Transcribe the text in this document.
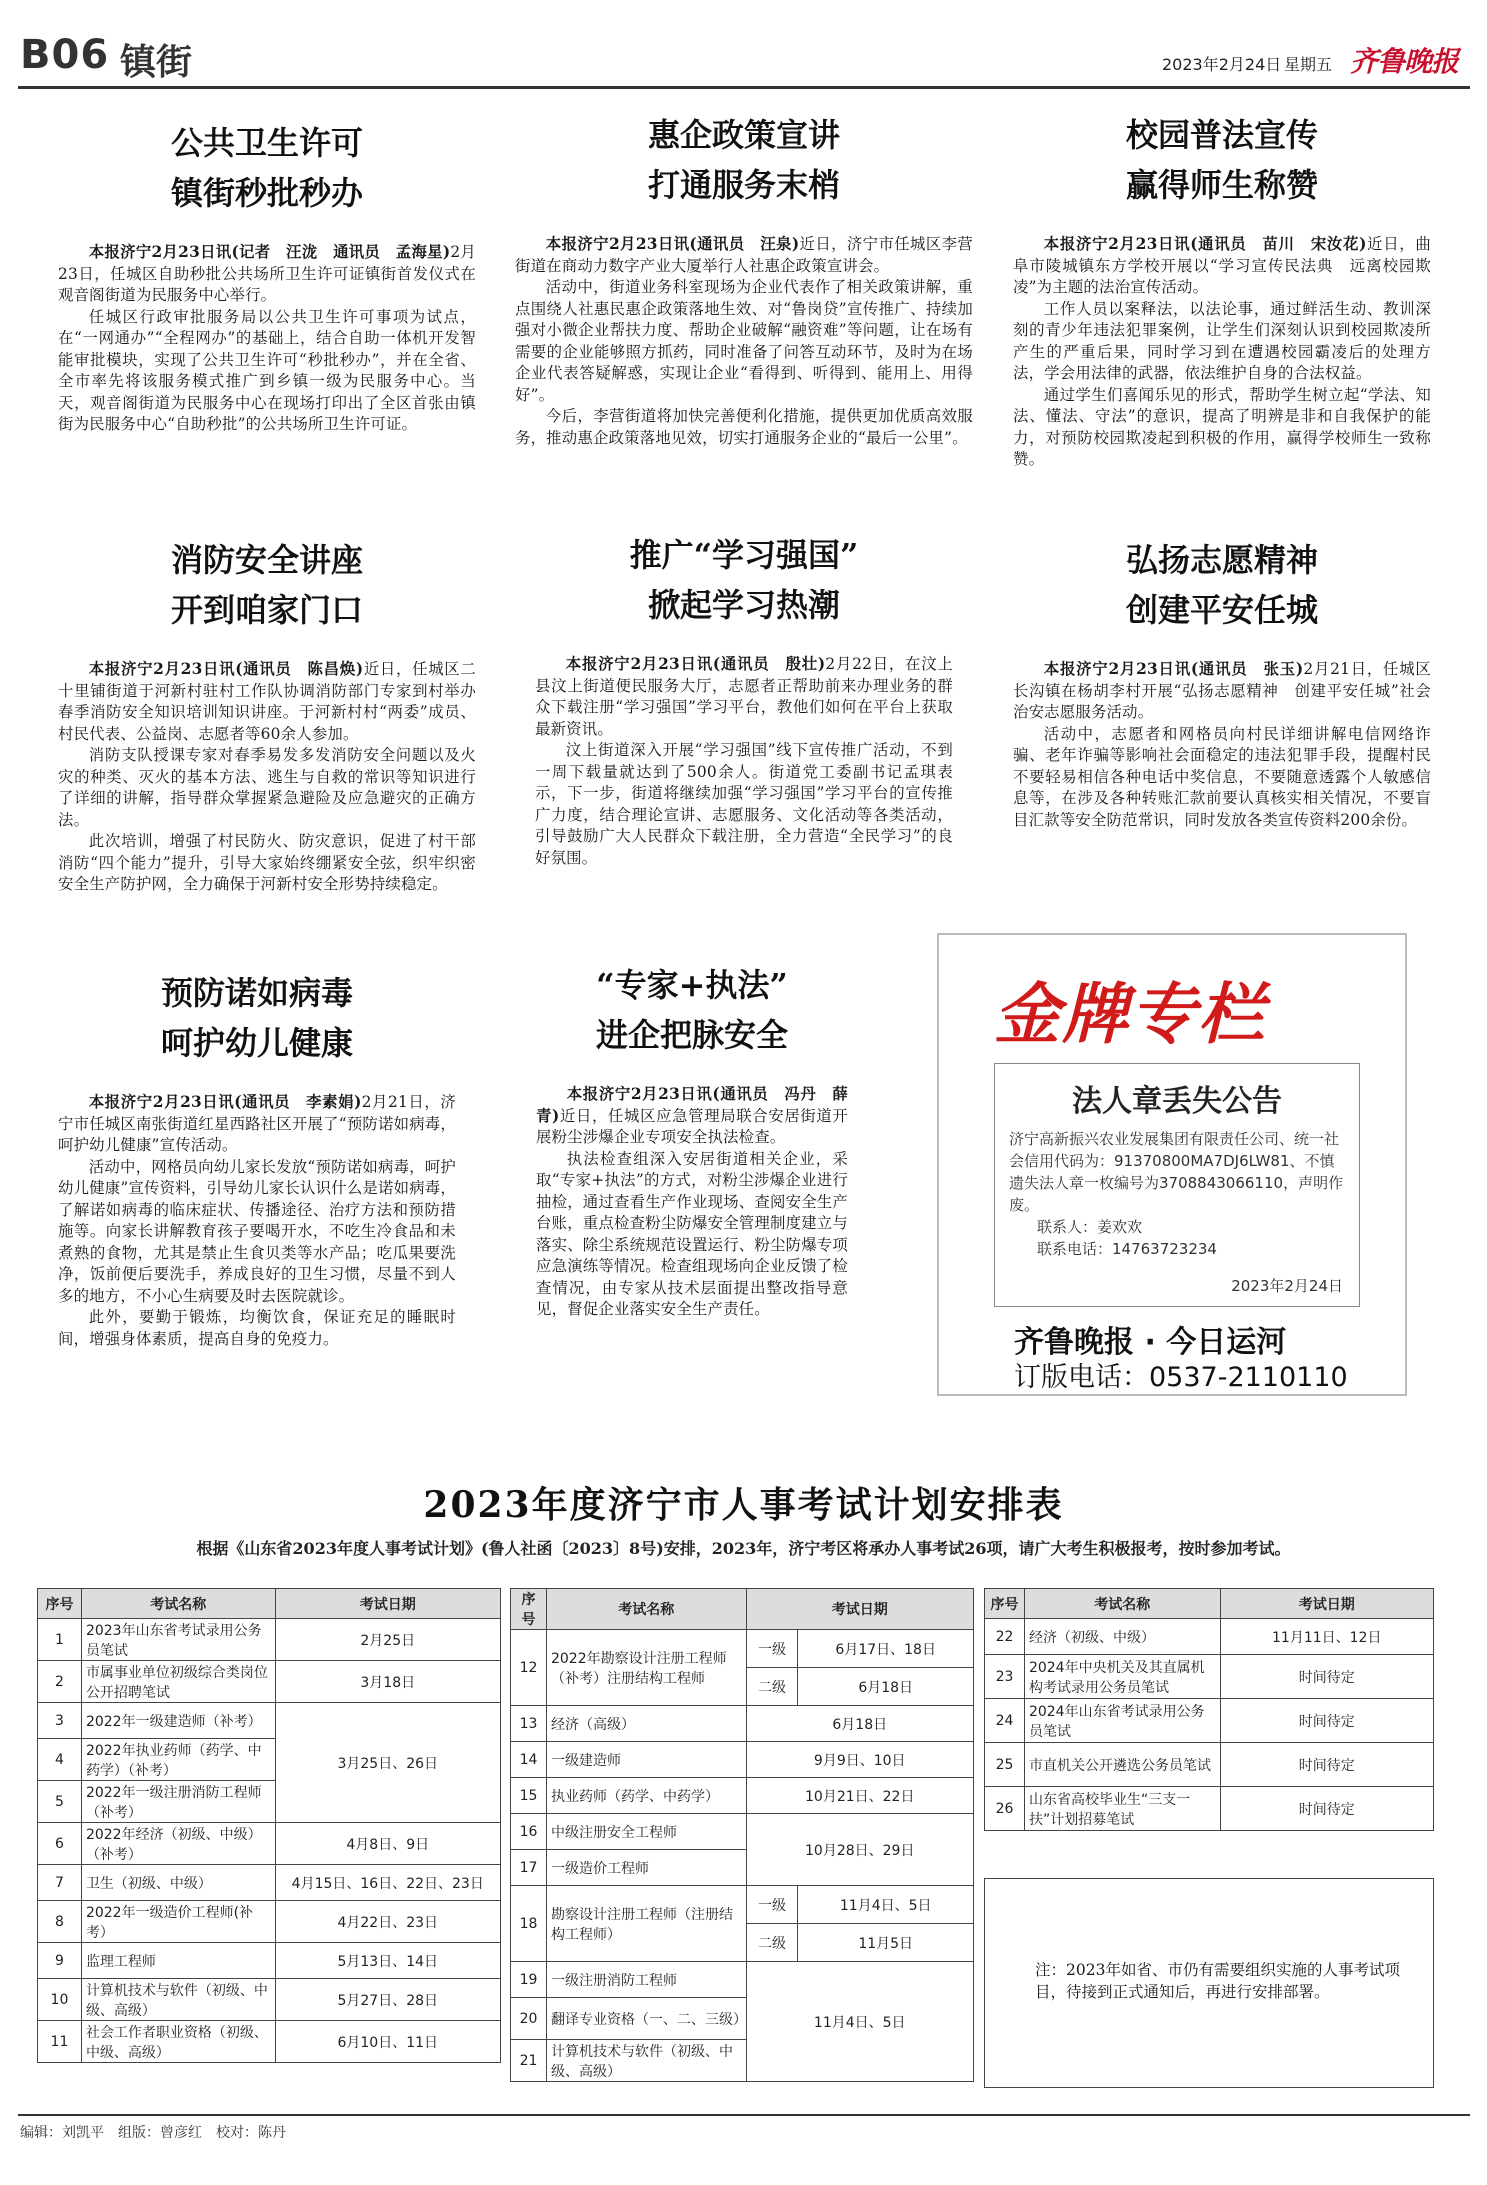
B06 镇街	2023年2月24日 星期五 齐鲁晚报
公共卫生许可
镇街秒批秒办

本报济宁2月23日讯(记者　汪泷　通讯员　孟海星)2月23日，任城区自助秒批公共场所卫生许可证镇街首发仪式在观音阁街道为民服务中心举行。

任城区行政审批服务局以公共卫生许可事项为试点，在“一网通办”“全程网办”的基础上，结合自助一体机开发智能审批模块，实现了公共卫生许可“秒批秒办”，并在全省、全市率先将该服务模式推广到乡镇一级为民服务中心。当天，观音阁街道为民服务中心在现场打印出了全区首张由镇街为民服务中心“自助秒批”的公共场所卫生许可证。

惠企政策宣讲
打通服务末梢

本报济宁2月23日讯(通讯员　汪泉)近日，济宁市任城区李营街道在商动力数字产业大厦举行人社惠企政策宣讲会。

活动中，街道业务科室现场为企业代表作了相关政策讲解，重点围绕人社惠民惠企政策落地生效、对“鲁岗贷”宣传推广、持续加强对小微企业帮扶力度、帮助企业破解“融资难”等问题，让在场有需要的企业能够照方抓药，同时准备了问答互动环节，及时为在场企业代表答疑解惑，实现让企业“看得到、听得到、能用上、用得好”。

今后，李营街道将加快完善便利化措施，提供更加优质高效服务，推动惠企政策落地见效，切实打通服务企业的“最后一公里”。

校园普法宣传
赢得师生称赞

本报济宁2月23日讯(通讯员　苗川　宋汝花)近日，曲阜市陵城镇东方学校开展以“学习宣传民法典　远离校园欺凌”为主题的法治宣传活动。

工作人员以案释法，以法论事，通过鲜活生动、教训深刻的青少年违法犯罪案例，让学生们深刻认识到校园欺凌所产生的严重后果，同时学习到在遭遇校园霸凌后的处理方法，学会用法律的武器，依法维护自身的合法权益。

通过学生们喜闻乐见的形式，帮助学生树立起“学法、知法、懂法、守法”的意识，提高了明辨是非和自我保护的能力，对预防校园欺凌起到积极的作用，赢得学校师生一致称赞。

消防安全讲座
开到咱家门口

本报济宁2月23日讯(通讯员　陈昌焕)近日，任城区二十里铺街道于河新村驻村工作队协调消防部门专家到村举办春季消防安全知识培训知识讲座。于河新村村“两委”成员、村民代表、公益岗、志愿者等60余人参加。

消防支队授课专家对春季易发多发消防安全问题以及火灾的种类、灭火的基本方法、逃生与自救的常识等知识进行了详细的讲解，指导群众掌握紧急避险及应急避灾的正确方法。

此次培训，增强了村民防火、防灾意识，促进了村干部消防“四个能力”提升，引导大家始终绷紧安全弦，织牢织密安全生产防护网，全力确保于河新村安全形势持续稳定。

推广“学习强国”
掀起学习热潮

本报济宁2月23日讯(通讯员　殷壮)2月22日，在汶上县汶上街道便民服务大厅，志愿者正帮助前来办理业务的群众下载注册“学习强国”学习平台，教他们如何在平台上获取最新资讯。

汶上街道深入开展“学习强国”线下宣传推广活动，不到一周下载量就达到了500余人。街道党工委副书记孟琪表示，下一步，街道将继续加强“学习强国”学习平台的宣传推广力度，结合理论宣讲、志愿服务、文化活动等各类活动，引导鼓励广大人民群众下载注册，全力营造“全民学习”的良好氛围。

弘扬志愿精神
创建平安任城

本报济宁2月23日讯(通讯员　张玉)2月21日，任城区长沟镇在杨胡李村开展“弘扬志愿精神　创建平安任城”社会治安志愿服务活动。

活动中，志愿者和网格员向村民详细讲解电信网络诈骗、老年诈骗等影响社会面稳定的违法犯罪手段，提醒村民不要轻易相信各种电话中奖信息，不要随意透露个人敏感信息等，在涉及各种转账汇款前要认真核实相关情况，不要盲目汇款等安全防范常识，同时发放各类宣传资料200余份。

预防诺如病毒
呵护幼儿健康

本报济宁2月23日讯(通讯员　李素娟)2月21日，济宁市任城区南张街道红星西路社区开展了“预防诺如病毒，呵护幼儿健康”宣传活动。

活动中，网格员向幼儿家长发放“预防诺如病毒，呵护幼儿健康”宣传资料，引导幼儿家长认识什么是诺如病毒，了解诺如病毒的临床症状、传播途径、治疗方法和预防措施等。向家长讲解教育孩子要喝开水，不吃生冷食品和未煮熟的食物，尤其是禁止生食贝类等水产品；吃瓜果要洗净，饭前便后要洗手，养成良好的卫生习惯，尽量不到人多的地方，不小心生病要及时去医院就诊。

此外，要勤于锻炼，均衡饮食，保证充足的睡眠时间，增强身体素质，提高自身的免疫力。

“专家+执法”
进企把脉安全

本报济宁2月23日讯(通讯员　冯丹　薛青)近日，任城区应急管理局联合安居街道开展粉尘涉爆企业专项安全执法检查。

执法检查组深入安居街道相关企业，采取“专家+执法”的方式，对粉尘涉爆企业进行抽检，通过查看生产作业现场、查阅安全生产台账，重点检查粉尘防爆安全管理制度建立与落实、除尘系统规范设置运行、粉尘防爆专项应急演练等情况。检查组现场向企业反馈了检查情况，由专家从技术层面提出整改指导意见，督促企业落实安全生产责任。

金牌专栏
法人章丢失公告
济宁高新振兴农业发展集团有限责任公司、统一社会信用代码为：91370800MA7DJ6LW81、不慎遗失法人章一枚编号为3708843066110，声明作废。
联系人：姜欢欢
联系电话：14763723234
2023年2月24日
齐鲁晚报 · 今日运河
订版电话：0537-2110110
2023年度济宁市人事考试计划安排表
根据《山东省2023年度人事考试计划》(鲁人社函〔2023〕8号)安排，2023年，济宁考区将承办人事考试26项，请广大考生积极报考，按时参加考试。
序号	考试名称	考试日期
1	2023年山东省考试录用公务员笔试	2月25日
2	市属事业单位初级综合类岗位公开招聘笔试	3月18日
3	2022年一级建造师（补考）	3月25日、26日
4	2022年执业药师（药学、中药学）（补考）	
5	2022年一级注册消防工程师（补考）	
6	2022年经济（初级、中级）（补考）	4月8日、9日
7	卫生（初级、中级）	4月15日、16日、22日、23日
8	2022年一级造价工程师(补考）	4月22日、23日
9	监理工程师	5月13日、14日
10	计算机技术与软件（初级、中级、高级）	5月27日、28日
11	社会工作者职业资格（初级、中级、高级）	6月10日、11日
序号	考试名称	考试日期	
12	2022年勘察设计注册工程师（补考）注册结构工程师	一级	6月17日、18日
		二级	6月18日
13	经济（高级）	6月18日	
14	一级建造师	9月9日、10日	
15	执业药师（药学、中药学）	10月21日、22日	
16	中级注册安全工程师	10月28日、29日	
17	一级造价工程师		
18	勘察设计注册工程师（注册结构工程师）	一级	11月4日、5日
		二级	11月5日
19	一级注册消防工程师	11月4日、5日	
20	翻译专业资格（一、二、三级）		
21	计算机技术与软件（初级、中级、高级）		
序号	考试名称	考试日期
22	经济（初级、中级）	11月11日、12日
23	2024年中央机关及其直属机构考试录用公务员笔试	时间待定
24	2024年山东省考试录用公务员笔试	时间待定
25	市直机关公开遴选公务员笔试	时间待定
26	山东省高校毕业生“三支一扶”计划招募笔试	时间待定
注：2023年如省、市仍有需要组织实施的人事考试项目，待接到正式通知后，再进行安排部署。
编辑：刘凯平　组版：曾彦红　校对：陈丹
